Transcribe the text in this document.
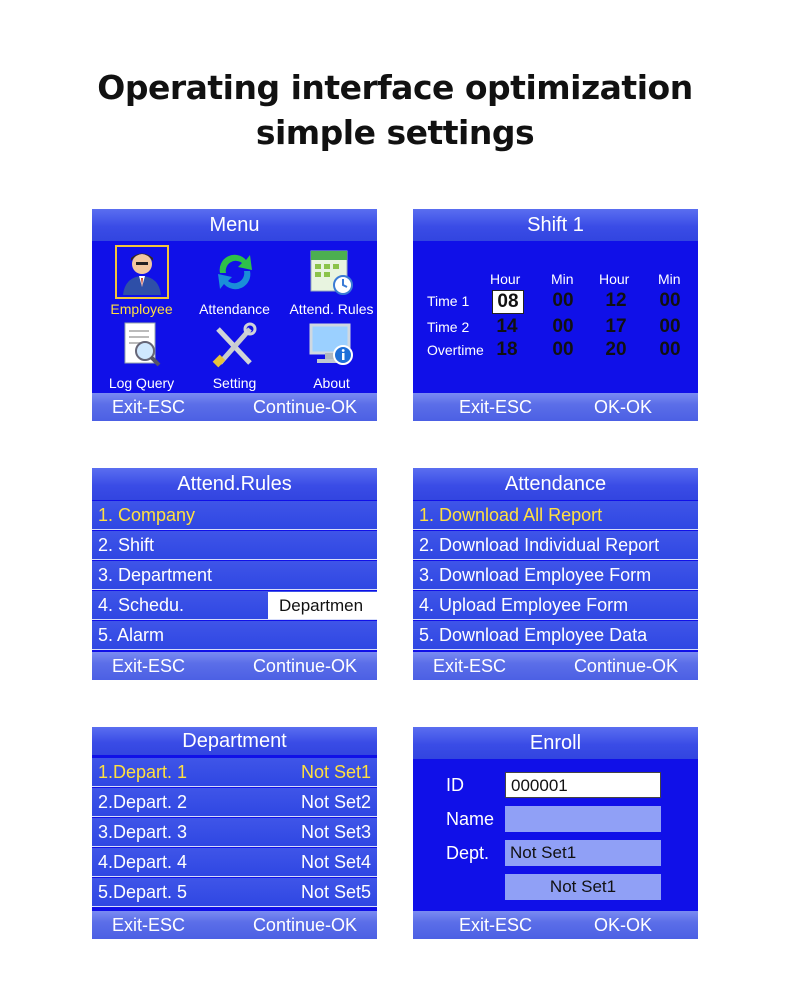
Operating interface optimization
simple settings
Menu
Employee	Attendance	Attend. Rules
Log Query	Setting	About
Exit-ESC	Continue-OK
Shift 1
Hour Min Hour Min
Time 1 08 00 12 00
Time 2 14 00 17 00
Overtime 18 00 20 00
Exit-ESC	OK-OK
Attend.Rules
1. Company
2. Shift
3. Department
4. Schedu.
5. Alarm
Departmen
Exit-ESC	Continue-OK
Attendance
1. Download All Report
2. Download Individual Report
3. Download Employee Form
4. Upload Employee Form
5. Download Employee Data
Exit-ESC	Continue-OK
Department
1.Depart. 1	Not Set1
2.Depart. 2	Not Set2
3.Depart. 3	Not Set3
4.Depart. 4	Not Set4
5.Depart. 5	Not Set5
Exit-ESC	Continue-OK
Enroll
ID	000001
Name
Dept. Not Set1
Not Set1
Exit-ESC	OK-OK
